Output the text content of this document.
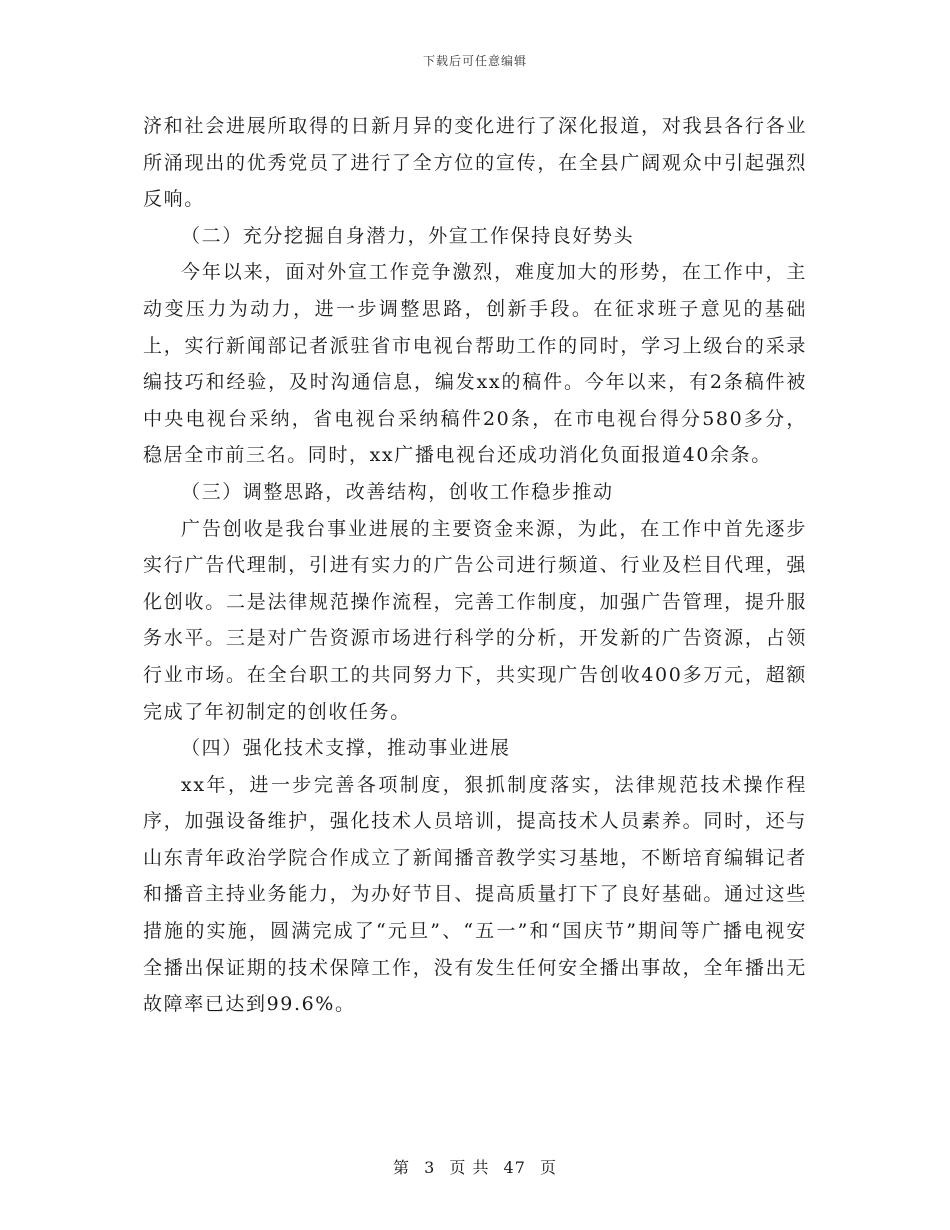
下载后可任意编辑

济和社会进展所取得的日新月异的变化进行了深化报道，对我县各行各业所涌现出的优秀党员了进行了全方位的宣传，在全县广阔观众中引起强烈反响。

（二）充分挖掘自身潜力，外宣工作保持良好势头

今年以来，面对外宣工作竞争激烈，难度加大的形势，在工作中，主动变压力为动力，进一步调整思路，创新手段。在征求班子意见的基础上，实行新闻部记者派驻省市电视台帮助工作的同时，学习上级台的采录编技巧和经验，及时沟通信息，编发xx的稿件。今年以来，有2条稿件被中央电视台采纳，省电视台采纳稿件20条，在市电视台得分580多分，稳居全市前三名。同时，xx广播电视台还成功消化负面报道40余条。

（三）调整思路，改善结构，创收工作稳步推动

广告创收是我台事业进展的主要资金来源，为此，在工作中首先逐步实行广告代理制，引进有实力的广告公司进行频道、行业及栏目代理，强化创收。二是法律规范操作流程，完善工作制度，加强广告管理，提升服务水平。三是对广告资源市场进行科学的分析，开发新的广告资源，占领行业市场。在全台职工的共同努力下，共实现广告创收400多万元，超额完成了年初制定的创收任务。

（四）强化技术支撑，推动事业进展

xx年，进一步完善各项制度，狠抓制度落实，法律规范技术操作程序，加强设备维护，强化技术人员培训，提高技术人员素养。同时，还与山东青年政治学院合作成立了新闻播音教学实习基地，不断培育编辑记者和播音主持业务能力，为办好节目、提高质量打下了良好基础。通过这些措施的实施，圆满完成了“元旦”、“五一”和“国庆节”期间等广播电视安全播出保证期的技术保障工作，没有发生任何安全播出事故，全年播出无故障率已达到99.6%。

第 3 页 共 47 页
